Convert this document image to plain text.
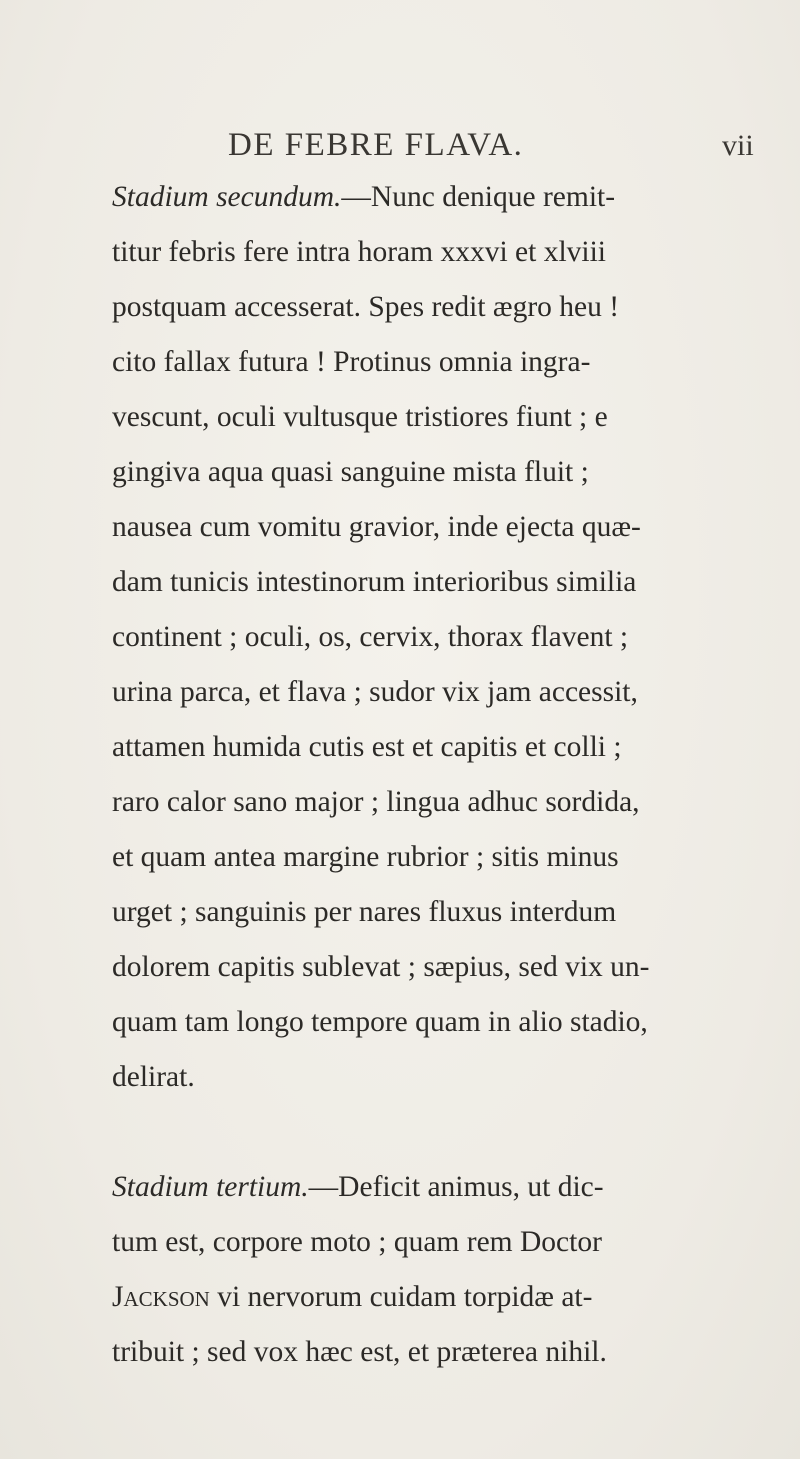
DE FEBRE FLAVA.	vii
Stadium secundum.—Nunc denique remit-
titur febris fere intra horam xxxvi et xlviii
postquam accesserat. Spes redit ægro heu !
cito fallax futura ! Protinus omnia ingra-
vescunt, oculi vultusque tristiores fiunt ; e
gingiva aqua quasi sanguine mista fluit ;
nausea cum vomitu gravior, inde ejecta quæ-
dam tunicis intestinorum interioribus similia
continent ; oculi, os, cervix, thorax flavent ;
urina parca, et flava ; sudor vix jam accessit,
attamen humida cutis est et capitis et colli ;
raro calor sano major ; lingua adhuc sordida,
et quam antea margine rubrior ; sitis minus
urget ; sanguinis per nares fluxus interdum
dolorem capitis sublevat ; sæpius, sed vix un-
quam tam longo tempore quam in alio stadio,
delirat.
Stadium tertium.—Deficit animus, ut dic-
tum est, corpore moto ; quam rem Doctor
Jackson vi nervorum cuidam torpidæ at-
tribuit ; sed vox hæc est, et præterea nihil.
